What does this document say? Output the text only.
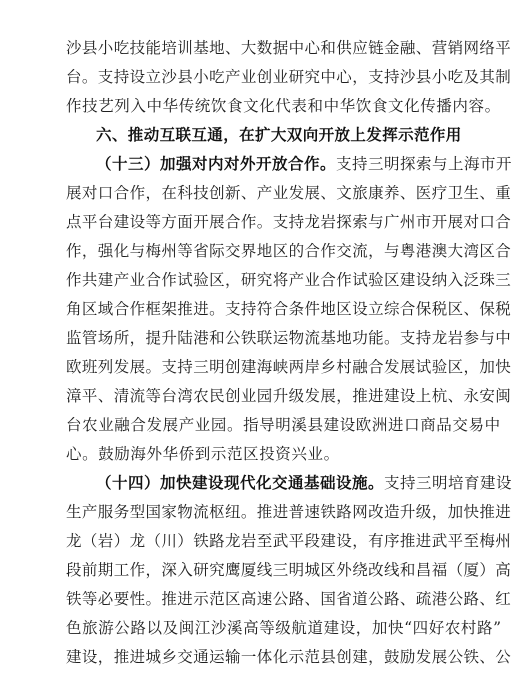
沙县小吃技能培训基地、大数据中心和供应链金融、营销网络平
台。支持设立沙县小吃产业创业研究中心，支持沙县小吃及其制
作技艺列入中华传统饮食文化代表和中华饮食文化传播内容。
六、推动互联互通，在扩大双向开放上发挥示范作用
（十三）加强对内对外开放合作。支持三明探索与上海市开
展对口合作，在科技创新、产业发展、文旅康养、医疗卫生、重
点平台建设等方面开展合作。支持龙岩探索与广州市开展对口合
作，强化与梅州等省际交界地区的合作交流，与粤港澳大湾区合
作共建产业合作试验区，研究将产业合作试验区建设纳入泛珠三
角区域合作框架推进。支持符合条件地区设立综合保税区、保税
监管场所，提升陆港和公铁联运物流基地功能。支持龙岩参与中
欧班列发展。支持三明创建海峡两岸乡村融合发展试验区，加快
漳平、清流等台湾农民创业园升级发展，推进建设上杭、永安闽
台农业融合发展产业园。指导明溪县建设欧洲进口商品交易中
心。鼓励海外华侨到示范区投资兴业。
（十四）加快建设现代化交通基础设施。支持三明培育建设
生产服务型国家物流枢纽。推进普速铁路网改造升级，加快推进
龙（岩）龙（川）铁路龙岩至武平段建设，有序推进武平至梅州
段前期工作，深入研究鹰厦线三明城区外绕改线和昌福（厦）高
铁等必要性。推进示范区高速公路、国省道公路、疏港公路、红
色旅游公路以及闽江沙溪高等级航道建设，加快“四好农村路”
建设，推进城乡交通运输一体化示范县创建，鼓励发展公铁、公
